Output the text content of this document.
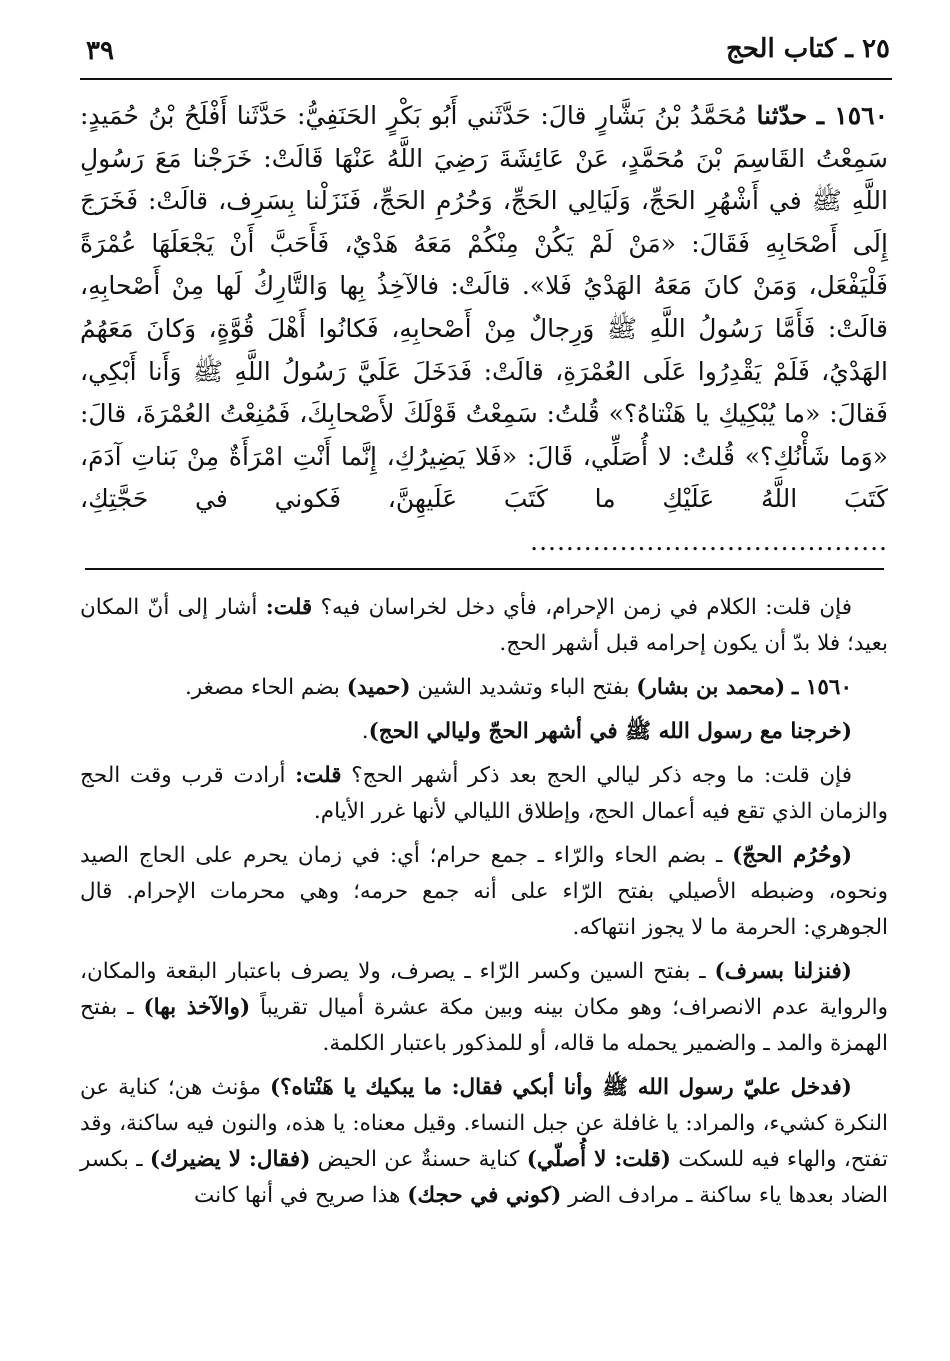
٣٩	٢٥ ـ كتاب الحج

١٥٦٠ ـ حدّثنا مُحَمَّدُ بْنُ بَشَّارٍ قالَ: حَدَّثَني أَبُو بَكْرٍ الحَنَفِيُّ: حَدَّثَنا أَفْلَحُ بْنُ حُمَيدٍ: سَمِعْتُ القَاسِمَ بْنَ مُحَمَّدٍ، عَنْ عَائِشَةَ رَضِيَ اللَّهُ عَنْهَا قَالَتْ: خَرَجْنا مَعَ رَسُولِ اللَّهِ ﷺ في أَشْهُرِ الحَجِّ، وَلَيَالِي الحَجِّ، وَحُرُمِ الحَجِّ، فَنَزَلْنا بِسَرِف، قالَتْ: فَخَرَجَ إِلَى أَصْحَابِهِ فَقَالَ: «مَنْ لَمْ يَكُنْ مِنْكُمْ مَعَهُ هَدْيٌ، فَأَحَبَّ أَنْ يَجْعَلَهَا عُمْرَةً فَلْيَفْعَل، وَمَنْ كانَ مَعَهُ الهَدْيُ فَلا». قالَتْ: فالآخِذُ بِها وَالتَّارِكُ لَها مِنْ أَصْحابِهِ، قالَتْ: فَأَمَّا رَسُولُ اللَّهِ ﷺ وَرِجالٌ مِنْ أَصْحابِهِ، فَكانُوا أَهْلَ قُوَّةٍ، وَكانَ مَعَهُمُ الهَدْيُ، فَلَمْ يَقْدِرُوا عَلَى العُمْرَةِ، قالَتْ: فَدَخَلَ عَلَيَّ رَسُولُ اللَّهِ ﷺ وَأَنا أَبْكِي، فَقالَ: «ما يُبْكِيكِ يا هَنْتاهُ؟» قُلتُ: سَمِعْتُ قَوْلَكَ لأَصْحابِكَ، فَمُنِعْتُ العُمْرَةَ، قالَ: «وَما شَأْنُكِ؟» قُلتُ: لا أُصَلِّي، قَالَ: «فَلا يَضِيرُكِ، إِنَّما أَنْتِ امْرَأَةٌ مِنْ بَناتِ آدَمَ، كَتَبَ اللَّهُ عَلَيْكِ ما كَتَبَ عَلَيهِنَّ، فَكوني في حَجَّتِكِ، ........................................

فإن قلت: الكلام في زمن الإحرام، فأي دخل لخراسان فيه؟ قلت: أشار إلى أنّ المكان بعيد؛ فلا بدّ أن يكون إحرامه قبل أشهر الحج.

١٥٦٠ ـ (محمد بن بشار) بفتح الباء وتشديد الشين (حميد) بضم الحاء مصغر.

(خرجنا مع رسول الله ﷺ في أشهر الحجّ وليالي الحج).

فإن قلت: ما وجه ذكر ليالي الحج بعد ذكر أشهر الحج؟ قلت: أرادت قرب وقت الحج والزمان الذي تقع فيه أعمال الحج، وإطلاق الليالي لأنها غرر الأيام.

(وحُرُم الحجّ) ـ بضم الحاء والرّاء ـ جمع حرام؛ أي: في زمان يحرم على الحاج الصيد ونحوه، وضبطه الأصيلي بفتح الرّاء على أنه جمع حرمه؛ وهي محرمات الإحرام. قال الجوهري: الحرمة ما لا يجوز انتهاكه.

(فنزلنا بسرف) ـ بفتح السين وكسر الرّاء ـ يصرف، ولا يصرف باعتبار البقعة والمكان، والرواية عدم الانصراف؛ وهو مكان بينه وبين مكة عشرة أميال تقريباً (والآخذ بها) ـ بفتح الهمزة والمد ـ والضمير يحمله ما قاله، أو للمذكور باعتبار الكلمة.

(فدخل عليّ رسول الله ﷺ وأنا أبكي فقال: ما يبكيك يا هَنْتاه؟) مؤنث هن؛ كناية عن النكرة كشيء، والمراد: يا غافلة عن جبل النساء. وقيل معناه: يا هذه، والنون فيه ساكنة، وقد تفتح، والهاء فيه للسكت (قلت: لا أُصلّي) كناية حسنةٌ عن الحيض (فقال: لا يضيرك) ـ بكسر الضاد بعدها ياء ساكنة ـ مرادف الضر (كوني في حجك) هذا صريح في أنها كانت
